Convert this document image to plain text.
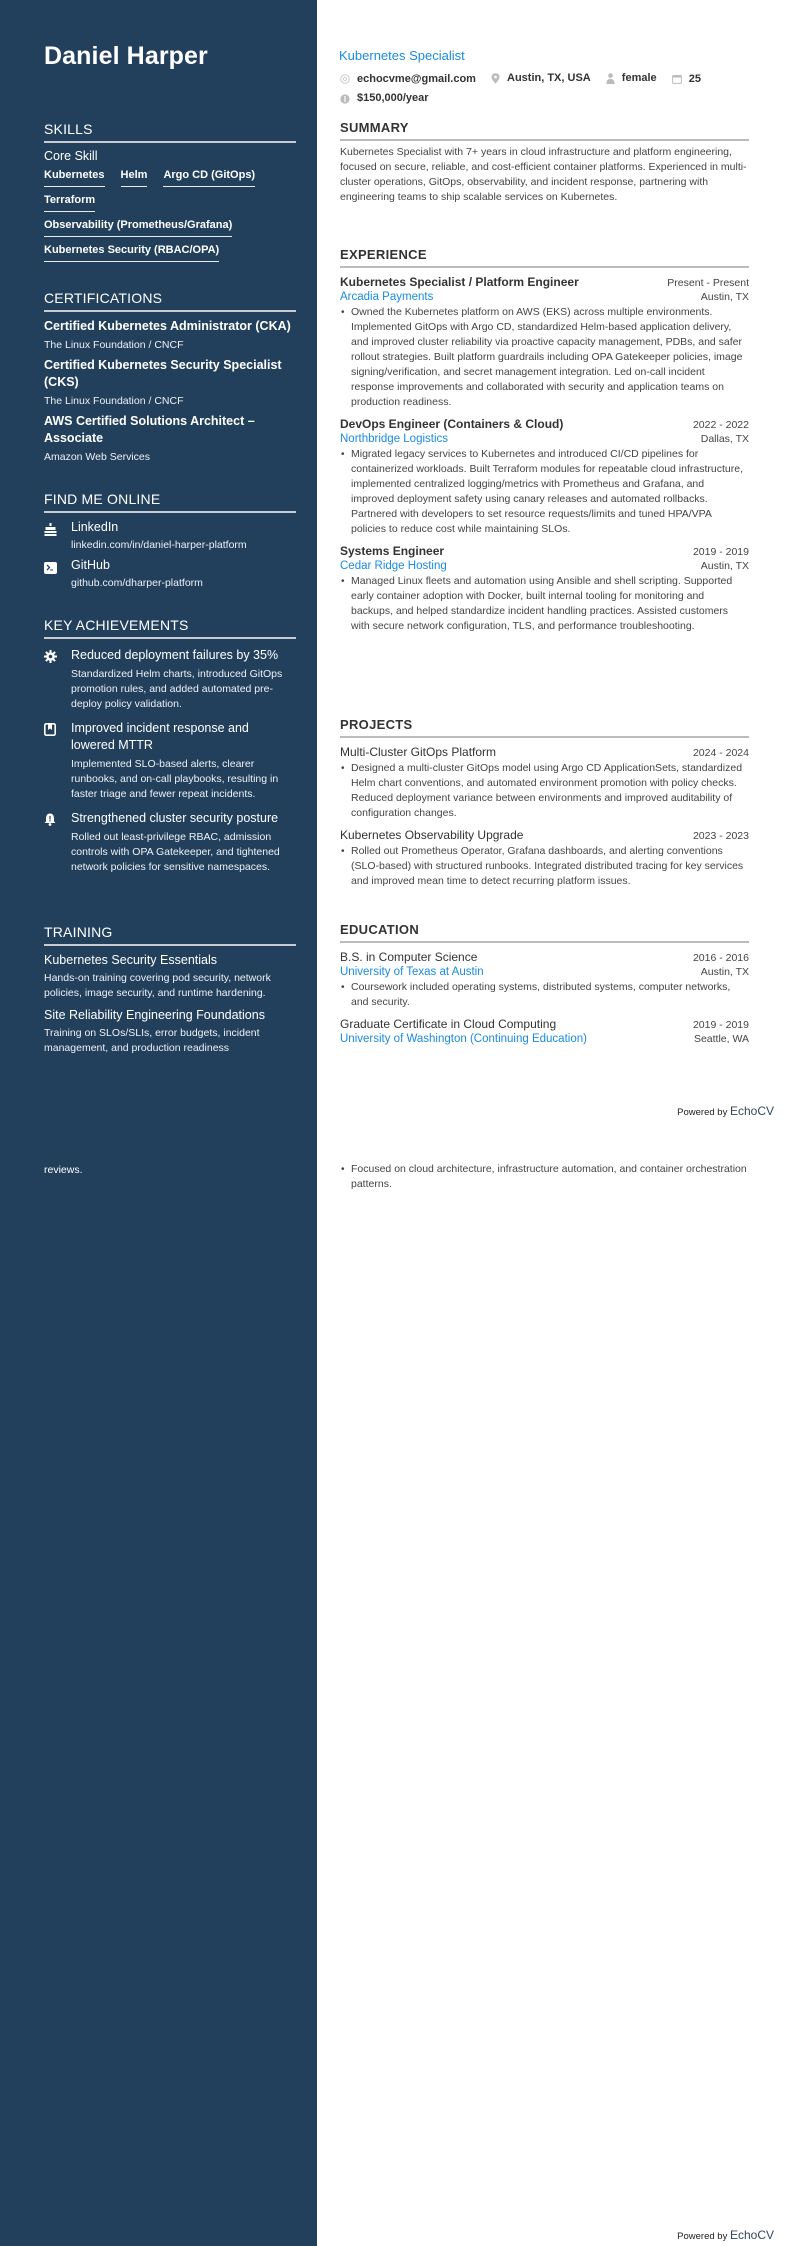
Daniel Harper
SKILLS
Core Skill
Kubernetes Helm Argo CD (GitOps)
Terraform
Observability (Prometheus/Grafana)
Kubernetes Security (RBAC/OPA)
CERTIFICATIONS
Certified Kubernetes Administrator (CKA)
The Linux Foundation / CNCF
Certified Kubernetes Security Specialist (CKS)
The Linux Foundation / CNCF
AWS Certified Solutions Architect – Associate
Amazon Web Services
FIND ME ONLINE
LinkedIn
linkedin.com/in/daniel-harper-platform
GitHub
github.com/dharper-platform
KEY ACHIEVEMENTS
Reduced deployment failures by 35%
Standardized Helm charts, introduced GitOps promotion rules, and added automated pre-deploy policy validation.
Improved incident response and lowered MTTR
Implemented SLO-based alerts, clearer runbooks, and on-call playbooks, resulting in faster triage and fewer repeat incidents.
Strengthened cluster security posture
Rolled out least-privilege RBAC, admission controls with OPA Gatekeeper, and tightened network policies for sensitive namespaces.
TRAINING
Kubernetes Security Essentials
Hands-on training covering pod security, network policies, image security, and runtime hardening.
Site Reliability Engineering Foundations
Training on SLOs/SLIs, error budgets, incident management, and production readiness
reviews.
Kubernetes Specialist
echocvme@gmail.com
	Austin, TX, USA
	female
	25

$150,000/year
SUMMARY

Kubernetes Specialist with 7+ years in cloud infrastructure and platform engineering, focused on secure, reliable, and cost-efficient container platforms. Experienced in multi-cluster operations, GitOps, observability, and incident response, partnering with engineering teams to ship scalable services on Kubernetes.

EXPERIENCE
Kubernetes Specialist / Platform Engineer	Present - Present
Arcadia Payments	Austin, TX
• Owned the Kubernetes platform on AWS (EKS) across multiple environments. Implemented GitOps with Argo CD, standardized Helm-based application delivery, and improved cluster reliability via proactive capacity management, PDBs, and safer rollout strategies. Built platform guardrails including OPA Gatekeeper policies, image signing/verification, and secret management integration. Led on-call incident response improvements and collaborated with security and application teams on production readiness.
DevOps Engineer (Containers & Cloud)	2022 - 2022
Northbridge Logistics	Dallas, TX
• Migrated legacy services to Kubernetes and introduced CI/CD pipelines for containerized workloads. Built Terraform modules for repeatable cloud infrastructure, implemented centralized logging/metrics with Prometheus and Grafana, and improved deployment safety using canary releases and automated rollbacks. Partnered with developers to set resource requests/limits and tuned HPA/VPA policies to reduce cost while maintaining SLOs.
Systems Engineer	2019 - 2019
Cedar Ridge Hosting	Austin, TX
• Managed Linux fleets and automation using Ansible and shell scripting. Supported early container adoption with Docker, built internal tooling for monitoring and backups, and helped standardize incident handling practices. Assisted customers with secure network configuration, TLS, and performance troubleshooting.
PROJECTS
Multi-Cluster GitOps Platform	2024 - 2024
• Designed a multi-cluster GitOps model using Argo CD ApplicationSets, standardized Helm chart conventions, and automated environment promotion with policy checks. Reduced deployment variance between environments and improved auditability of configuration changes.
Kubernetes Observability Upgrade	2023 - 2023
• Rolled out Prometheus Operator, Grafana dashboards, and alerting conventions (SLO-based) with structured runbooks. Integrated distributed tracing for key services and improved mean time to detect recurring platform issues.
EDUCATION
B.S. in Computer Science	2016 - 2016
University of Texas at Austin	Austin, TX
• Coursework included operating systems, distributed systems, computer networks, and security.
Graduate Certificate in Cloud Computing	2019 - 2019
University of Washington (Continuing Education)	Seattle, WA
Powered by EchoCV
• Focused on cloud architecture, infrastructure automation, and container orchestration patterns.
Powered by EchoCV
